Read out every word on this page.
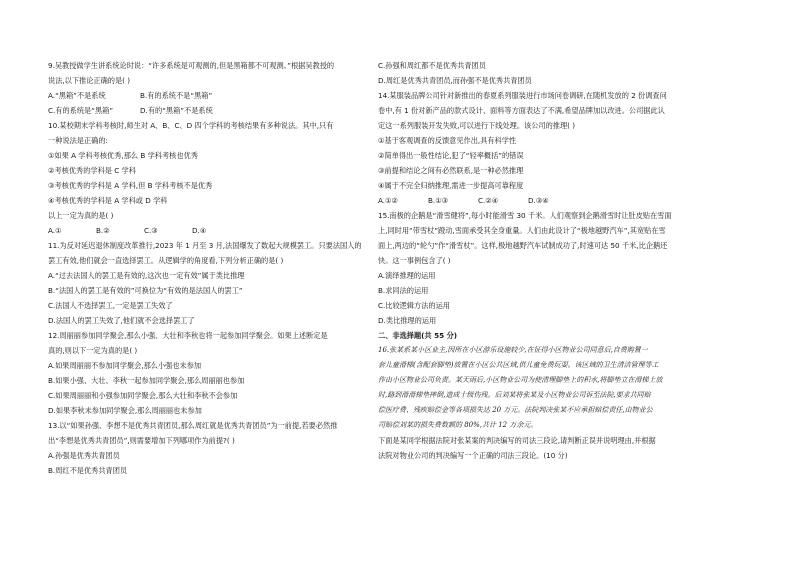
9.吴教授做学生讲系统论时说：“许多系统是可观测的,但是黑箱都不可观测。”根据吴教授的
说法,以下推论正确的是( )
A.“黑箱”不是系统	B.有的系统不是“黑箱”
C.有的系统是“黑箱”	D.有的“黑箱”不是系统
10.某校期末学科考核时,师生对 A、B、C、D 四个学科的考核结果有多种说法。其中,只有
一种说法是正确的:
①如果 A 学科考核优秀,那么 B 学科考核也优秀
②考核优秀的学科是 C 学科
③考核优秀的学科是 A 学科,但 B 学科考核不是优秀
④考核优秀的学科是 A 学科或 D 学科
以上一定为真的是( )
A.①	B.②	C.③	D.④
11.为反对延迟退休制度改革推行,2023 年 1 月至 3 月,法国爆发了数起大规模罢工。只要法国人的
罢工有效,他们就会一直选择罢工。从逻辑学的角度看,下列分析正确的是( )
A.“过去法国人的罢工是有效的,这次也一定有效”属于类比推理
B.“法国人的罢工是有效的”可换位为“有效的是法国人的罢工”
C.法国人不选择罢工,一定是罢工失效了
D.法国人的罢工失效了,他们就不会选择罢工了
12.周丽丽参加同学聚会,那么小强、大壮和李秋也将一起参加同学聚会。如果上述断定是
真的,则以下一定为真的是( )
A.如果周丽丽不参加同学聚会,那么小强也未参加
B.如果小强、大壮、李秋一起参加同学聚会,那么周丽丽也参加
C.如果周丽丽和小强参加同学聚会,那么大壮和李秋不会参加
D.如果李秋未参加同学聚会,那么周丽丽也未参加
13.以“如果孙强、李想不是优秀共青团员,那么周红就是优秀共青团员”为一前提,若要必然推
出“李想是优秀共青团员”,则需要增加下列哪项作为前提?( )
A.孙强是优秀共青团员
B.周红不是优秀共青团员
C.孙强和周红都不是优秀共青团员
D.周红是优秀共青团员,而孙强不是优秀共青团员
14.某服装品牌公司针对新推出的春夏系列服装进行市场问卷调研,在随机发放的 2 份调查问
卷中,有 1 份对新产品的款式设计、面料等方面表达了不满,希望品牌加以改进。公司据此认
定这一系列服装开发失败,可以进行下线处理。该公司的推理( )
①基于客观调查的反馈意见作出,具有科学性
②简单得出一般性结论,犯了“轻率概括”的错误
③前提和结论之间有必然联系,是一种必然推理
④属于不完全归纳推理,需进一步提高可靠程度
A.①②	B.①③	C.②④	D.③④
15.南极的企鹅是“滑雪健将”,每小时能滑雪 30 千米。人们观察到企鹅滑雪时让肚皮贴在雪面
上,同时用“带雪杖”蹬动,雪面承受其全身重量。人们由此设计了“极地越野汽车”,其宽贴在雪
面上,两边的“轮勺”作“滑雪杖”。这样,极地越野汽车试制成功了,时速可达 50 千米,比企鹅还
快。这一事例包含了( )
A.演绎推理的运用
B.求同法的运用
C.比较逻辑方法的运用
D.类比推理的运用
二、非选择题(共 55 分)
16.张某系某小区业主,因所在小区游乐设施较少,在征得小区物业公司同意后,自费购置一
套儿童滑梯(含配套脚垫)放置在小区公共区域,供儿童免费玩耍。该区域的卫生清洁管理等工
作由小区物业公司负责。某天雨后,小区物业公司为使清理脚垫上的积水,将脚垫立在滑梯上放
时,路到滑滑梯垫摔倒,造成十级伤残。后刘某将张某及小区物业公司诉至法院,要求共同赔
偿医疗费、残疾赔偿金等各项损失达 20 万元。法院判决张某不应承担赔偿责任,由物业公
司赔偿刘某的损失费数额的 80%,共计 12 万余元。
下面是某同学根据法院对张某案的判决编写的司法三段论,请判断正误并说明理由,并根据
法院对物业公司的判决编写一个正确的司法三段论。(10 分)
